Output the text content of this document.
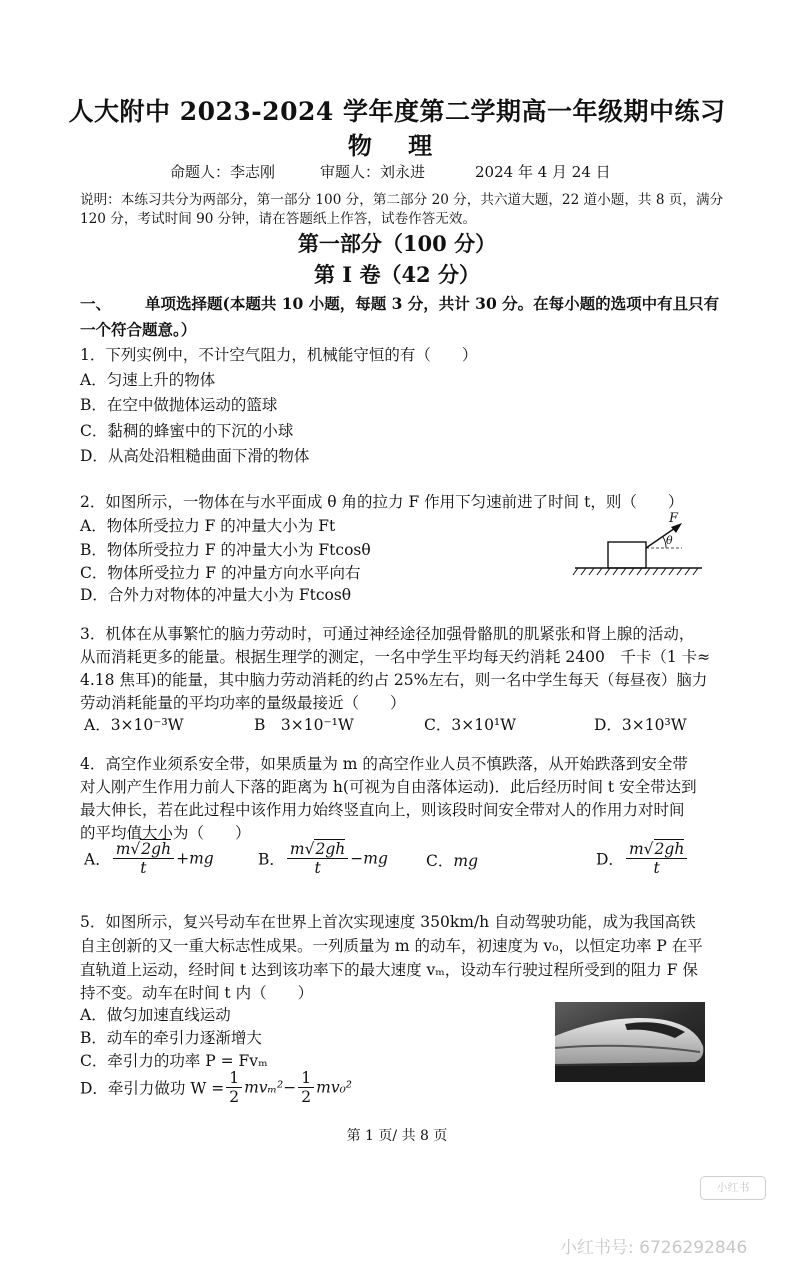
人大附中 2023-2024 学年度第二学期高一年级期中练习
物 理
命题人：李志刚	审题人：刘永进	2024 年 4 月 24 日
说明：本练习共分为两部分，第一部分 100 分，第二部分 20 分，共六道大题，22 道小题，共 8 页，满分
120 分，考试时间 90 分钟，请在答题纸上作答，试卷作答无效。
第一部分（100 分）
第 I 卷（42 分）
一、 单项选择题(本题共 10 小题，每题 3 分，共计 30 分。在每小题的选项中有且只有
一个符合题意。）
1．下列实例中，不计空气阻力，机械能守恒的有（　　）
A．匀速上升的物体
B．在空中做抛体运动的篮球
C．黏稠的蜂蜜中的下沉的小球
D．从高处沿粗糙曲面下滑的物体
2．如图所示，一物体在与水平面成 θ 角的拉力 F 作用下匀速前进了时间 t，则（　　）
A．物体所受拉力 F 的冲量大小为 Ft
B．物体所受拉力 F 的冲量大小为 Ftcosθ
C．物体所受拉力 F 的冲量方向水平向右
D．合外力对物体的冲量大小为 Ftcosθ
F
θ
3．机体在从事繁忙的脑力劳动时，可通过神经途径加强骨骼肌的肌紧张和肾上腺的活动，
从而消耗更多的能量。根据生理学的测定，一名中学生平均每天约消耗 2400　千卡（1 卡≈
4.18 焦耳)的能量，其中脑力劳动消耗的约占 25%左右，则一名中学生每天（每昼夜）脑力
劳动消耗能量的平均功率的量级最接近（　　）
A．3×10⁻³W	B　3×10⁻¹W	C．3×10¹W	D．3×10³W
4．高空作业须系安全带，如果质量为 m 的高空作业人员不慎跌落，从开始跌落到安全带
对人刚产生作用力前人下落的距离为 h(可视为自由落体运动)．此后经历时间 t 安全带达到
最大伸长，若在此过程中该作用力始终竖直向上，则该段时间安全带对人的作用力对时间
的平均值大小为（　　）
A． $\frac{m√2gh}{t} +mg$	B． $\frac{m√2gh}{t} -mg$ C．mg	D． $\frac{m√2gh}{t}$
5．如图所示，复兴号动车在世界上首次实现速度 350km/h 自动驾驶功能，成为我国高铁
自主创新的又一重大标志性成果。一列质量为 m 的动车，初速度为 v₀，以恒定功率 P 在平
直轨道上运动，经时间 t 达到该功率下的最大速度 vₘ，设动车行驶过程所受到的阻力 F 保
持不变。动车在时间 t 内（　　）
A．做匀加速直线运动
B．动车的牵引力逐渐增大
C．牵引力的功率 P = Fvₘ
D．牵引力做功 $W = \frac{1}{2} mv_m^2- \frac{1}{2} mv_0^2$
第 1 页/ 共 8 页
小红书
小红书号: 6726292846
